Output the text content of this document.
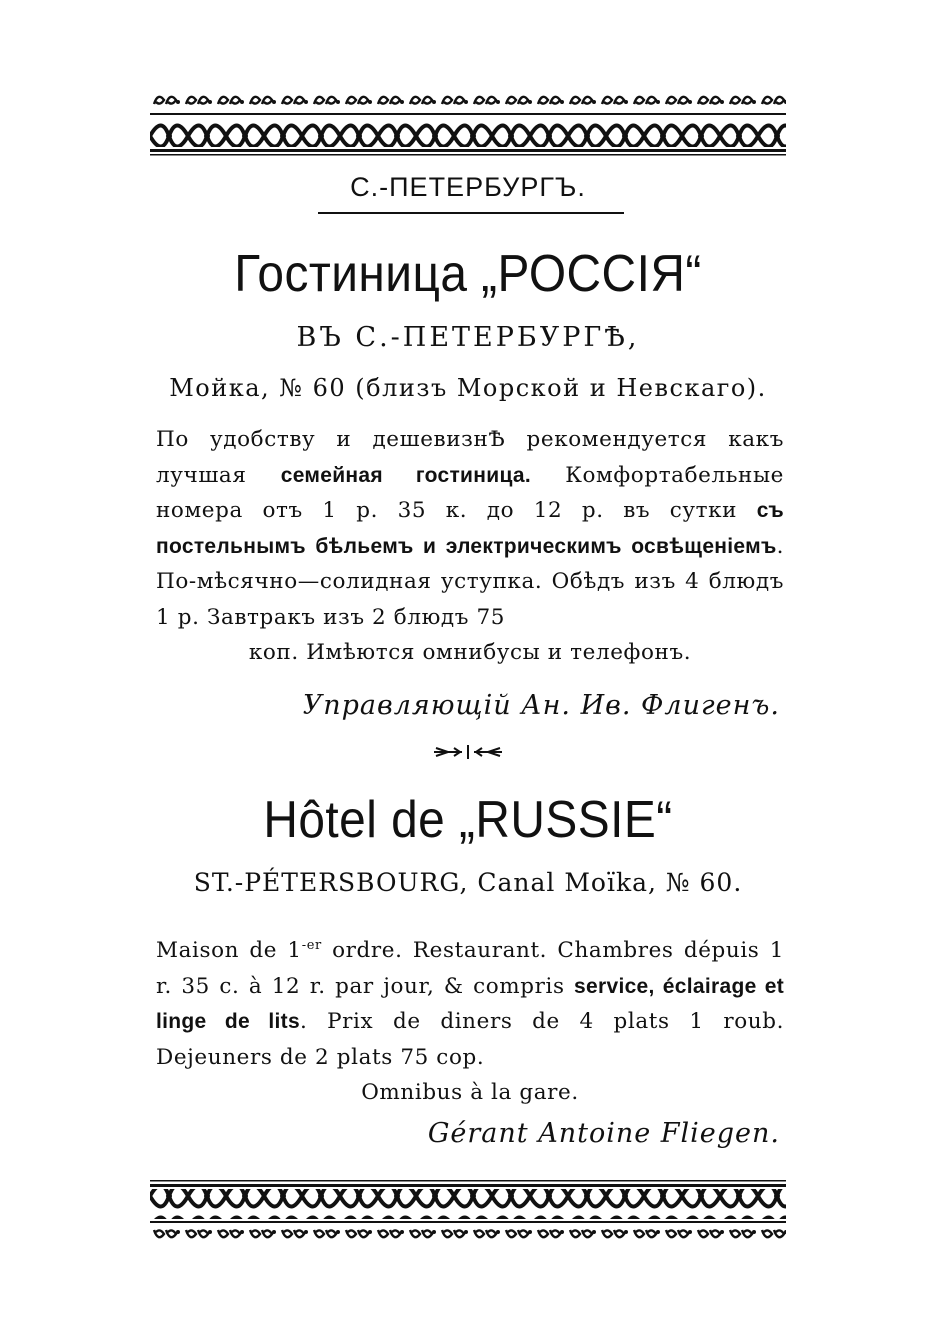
С.-ПЕТЕРБУРГЪ.
Гостиница „РОССІЯ“
ВЪ С.-ПЕТЕРБУРГѢ,
Мойка, № 60 (близъ Морской и Невскаго).
По удобству и дешевизнѢ рекомендуется какъ лучшая семейная гостиница. Комфортабельные номера отъ 1 р. 35 к. до 12 р. въ сутки съ постельнымъ бѣльемъ и электрическимъ освѣщеніемъ. По-мѣсячно—солидная уступка. Обѣдъ изъ 4 блюдъ 1 р. Завтракъ изъ 2 блюдъ 75
коп. Имѣются омнибусы и телефонъ.
Управляющій Ан. Ив. Флигенъ.
Hôtel de „RUSSIE“
ST.-PÉTERSBOURG, Canal Moïka, № 60.
Maison de $1^{-er}$ ordre. Restaurant. Chambres dépuis 1 r. 35 c. à 12 r. par jour, & compris service, éclairage et linge de lits. Prix de diners de 4 plats 1 roub. Dejeuners de 2 plats 75 cop.
Omnibus à la gare.
Gérant Antoine Fliegen.
